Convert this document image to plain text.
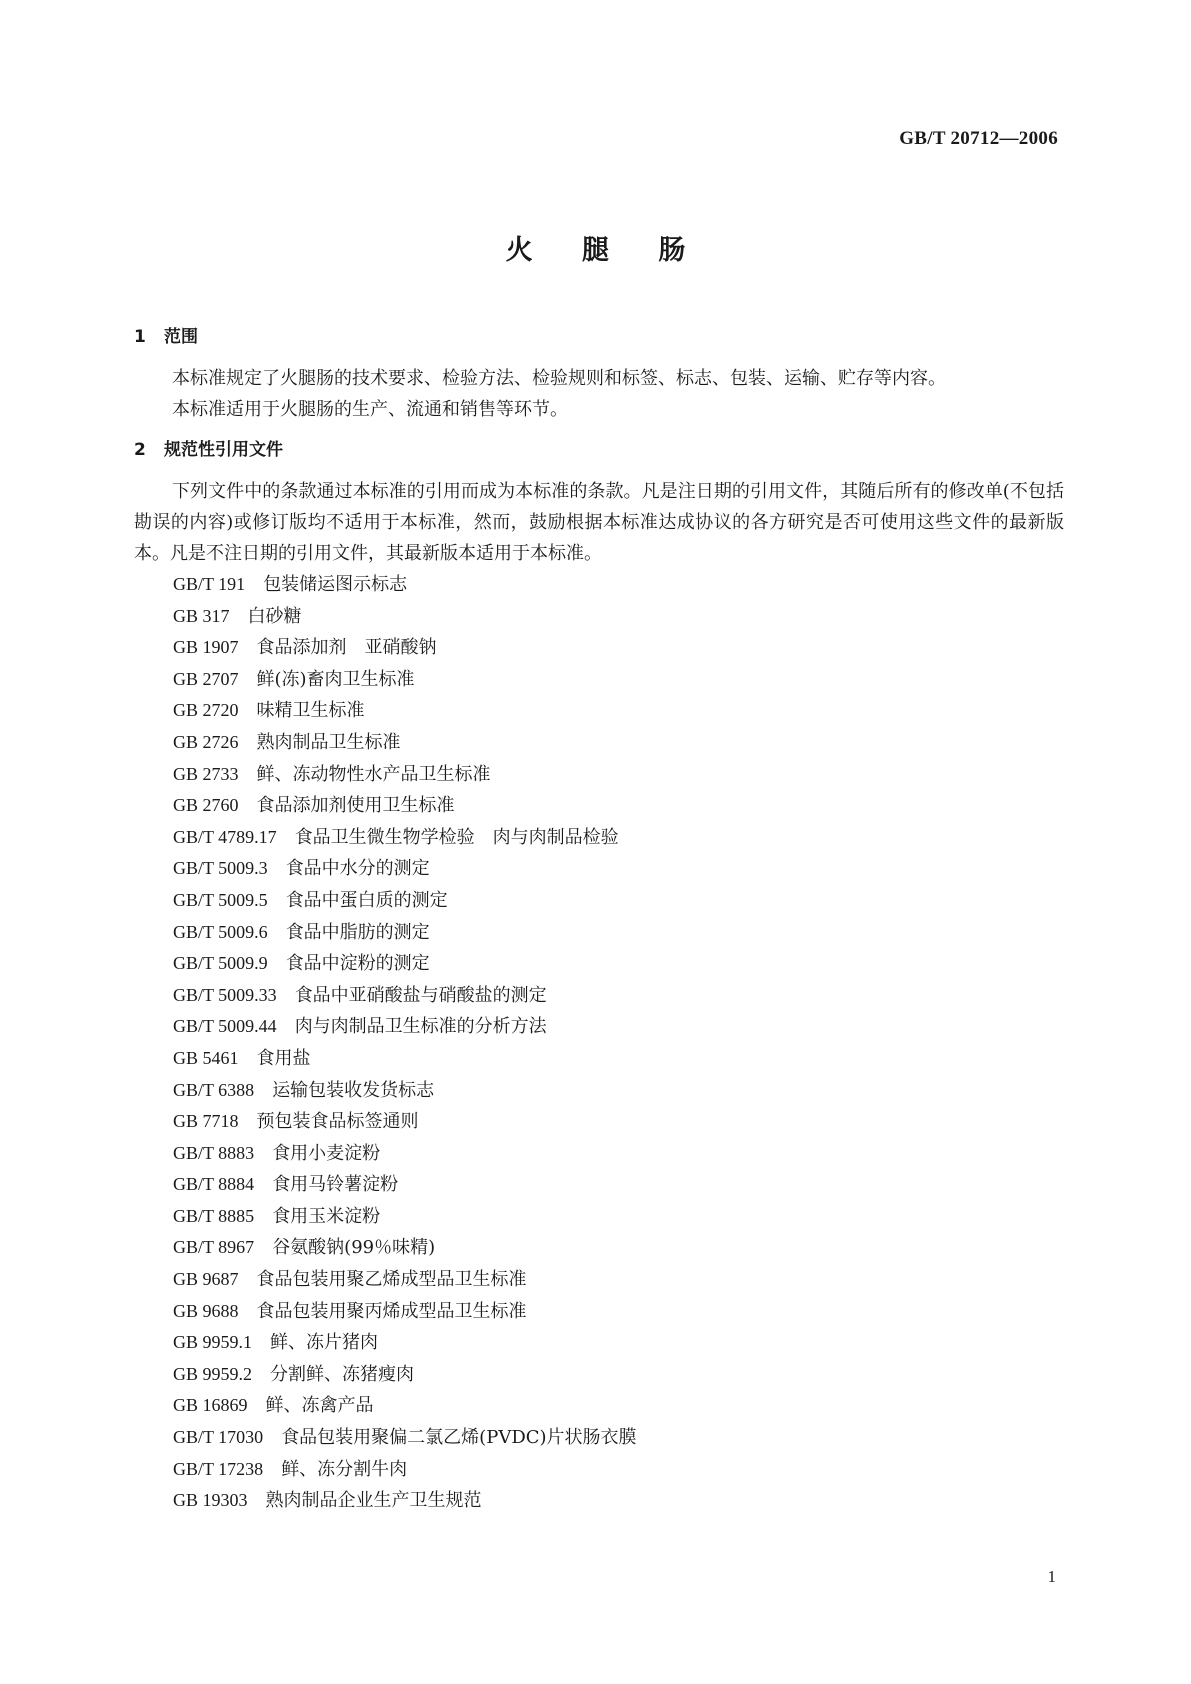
GB/T 20712—2006
火 腿 肠
1 范围

本标准规定了火腿肠的技术要求、检验方法、检验规则和标签、标志、包装、运输、贮存等内容。

本标准适用于火腿肠的生产、流通和销售等环节。

2 规范性引用文件

下列文件中的条款通过本标准的引用而成为本标准的条款。凡是注日期的引用文件，其随后所有的修改单(不包括勘误的内容)或修订版均不适用于本标准，然而，鼓励根据本标准达成协议的各方研究是否可使用这些文件的最新版本。凡是不注日期的引用文件，其最新版本适用于本标准。

GB/T 191 包装储运图示标志
GB 317 白砂糖
GB 1907 食品添加剂　亚硝酸钠
GB 2707 鲜(冻)畜肉卫生标准
GB 2720 味精卫生标准
GB 2726 熟肉制品卫生标准
GB 2733 鲜、冻动物性水产品卫生标准
GB 2760 食品添加剂使用卫生标准
GB/T 4789.17 食品卫生微生物学检验　肉与肉制品检验
GB/T 5009.3 食品中水分的测定
GB/T 5009.5 食品中蛋白质的测定
GB/T 5009.6 食品中脂肪的测定
GB/T 5009.9 食品中淀粉的测定
GB/T 5009.33 食品中亚硝酸盐与硝酸盐的测定
GB/T 5009.44 肉与肉制品卫生标准的分析方法
GB 5461 食用盐
GB/T 6388 运输包装收发货标志
GB 7718 预包装食品标签通则
GB/T 8883 食用小麦淀粉
GB/T 8884 食用马铃薯淀粉
GB/T 8885 食用玉米淀粉
GB/T 8967 谷氨酸钠(99％味精)
GB 9687 食品包装用聚乙烯成型品卫生标准
GB 9688 食品包装用聚丙烯成型品卫生标准
GB 9959.1 鲜、冻片猪肉
GB 9959.2 分割鲜、冻猪瘦肉
GB 16869 鲜、冻禽产品
GB/T 17030 食品包装用聚偏二氯乙烯(PVDC)片状肠衣膜
GB/T 17238 鲜、冻分割牛肉
GB 19303 熟肉制品企业生产卫生规范
1
